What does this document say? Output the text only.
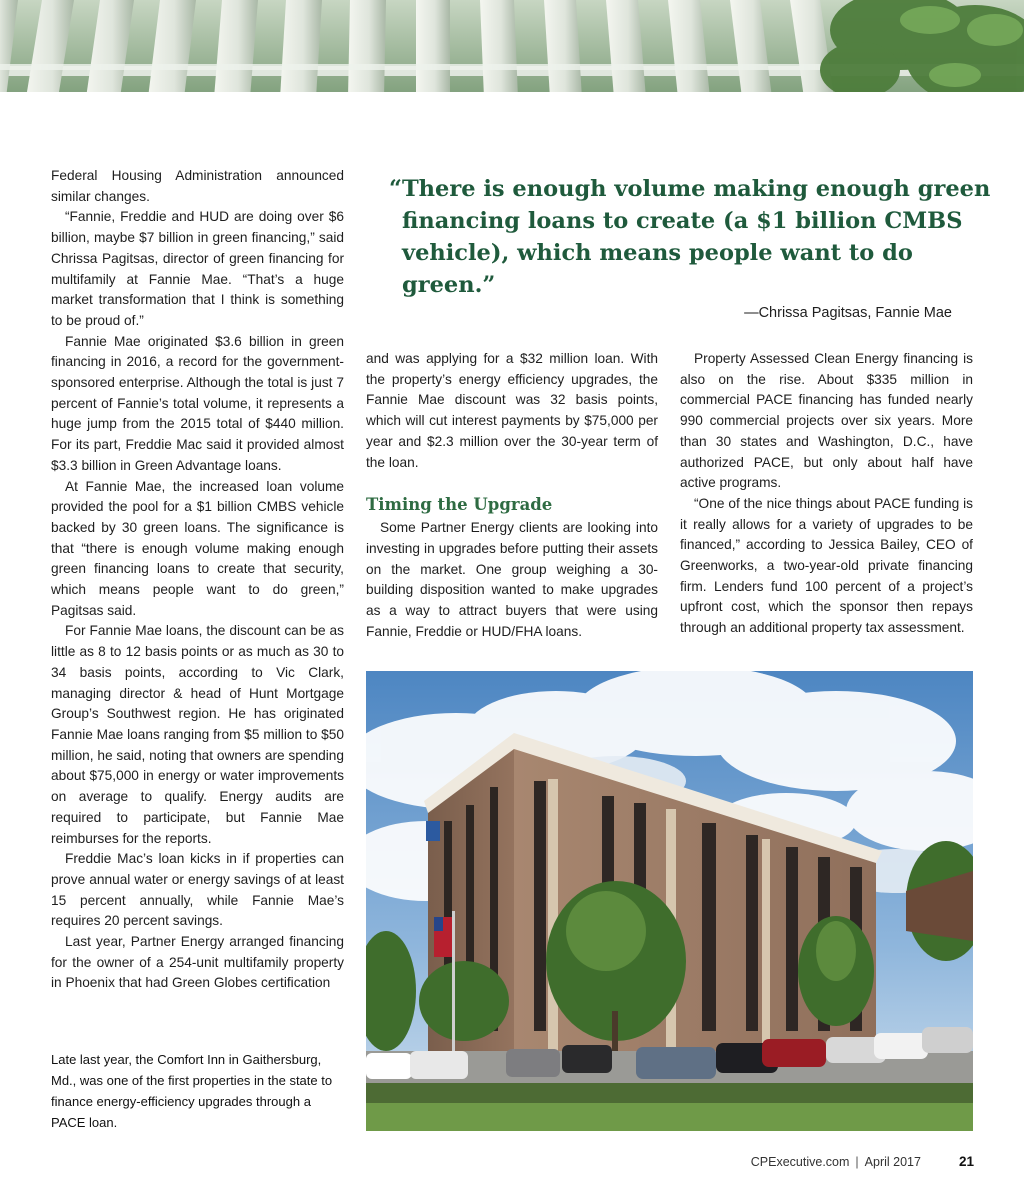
Federal Housing Administration announced similar changes.

“Fannie, Freddie and HUD are doing over $6 billion, maybe $7 billion in green financing,” said Chrissa Pagitsas, director of green financing for multifamily at Fannie Mae. “That’s a huge market transformation that I think is something to be proud of.”

Fannie Mae originated $3.6 billion in green financing in 2016, a record for the government-sponsored enterprise. Although the total is just 7 percent of Fannie’s total volume, it represents a huge jump from the 2015 total of $440 million. For its part, Freddie Mac said it provided almost $3.3 billion in Green Advantage loans.

At Fannie Mae, the increased loan volume provided the pool for a $1 billion CMBS vehicle backed by 30 green loans. The significance is that “there is enough volume making enough green financing loans to create that security, which means people want to do green,” Pagitsas said.

For Fannie Mae loans, the discount can be as little as 8 to 12 basis points or as much as 30 to 34 basis points, according to Vic Clark, managing director & head of Hunt Mortgage Group’s Southwest region. He has originated Fannie Mae loans ranging from $5 million to $50 million, he said, noting that owners are spending about $75,000 in energy or water improvements on average to qualify. Energy audits are required to participate, but Fannie Mae reimburses for the reports.

Freddie Mac’s loan kicks in if properties can prove annual water or energy savings of at least 15 percent annually, while Fannie Mae’s requires 20 percent savings.

Last year, Partner Energy arranged financing for the owner of a 254-unit multifamily property in Phoenix that had Green Globes certification

“There is enough volume making enough green financing loans to create (a $1 billion CMBS vehicle), which means people want to do green.”
—Chrissa Pagitsas, Fannie Mae

and was applying for a $32 million loan. With the property’s energy efficiency upgrades, the Fannie Mae discount was 32 basis points, which will cut interest payments by $75,000 per year and $2.3 million over the 30-year term of the loan.

Timing the Upgrade

Some Partner Energy clients are looking into investing in upgrades before putting their assets on the market. One group weighing a 30-building disposition wanted to make upgrades as a way to attract buyers that were using Fannie, Freddie or HUD/FHA loans.

Property Assessed Clean Energy financing is also on the rise. About $335 million in commercial PACE financing has funded nearly 990 commercial projects over six years. More than 30 states and Washington, D.C., have authorized PACE, but only about half have active programs.

“One of the nice things about PACE funding is it really allows for a variety of upgrades to be financed,” according to Jessica Bailey, CEO of Greenworks, a two-year-old private financing firm. Lenders fund 100 percent of a project’s upfront cost, which the sponsor then repays through an additional property tax assessment.

Late last year, the Comfort Inn in Gaithersburg, Md., was one of the first properties in the state to finance energy-efficiency upgrades through a PACE loan.
CPExecutive.com | April 2017	21
